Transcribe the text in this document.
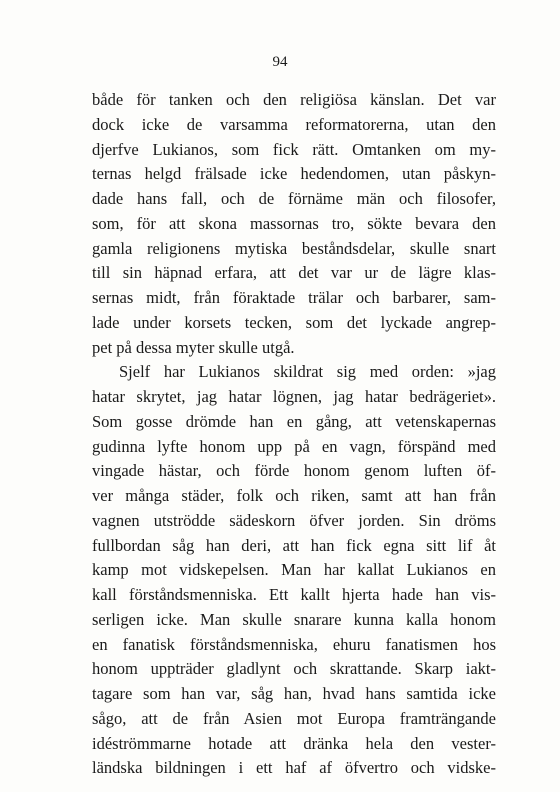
94
både för tanken och den religiösa känslan. Det var
dock icke de varsamma reformatorerna, utan den
djerfve Lukianos, som fick rätt. Omtanken om my-
ternas helgd frälsade icke hedendomen, utan påskyn-
dade hans fall, och de förnäme män och filosofer,
som, för att skona massornas tro, sökte bevara den
gamla religionens mytiska beståndsdelar, skulle snart
till sin häpnad erfara, att det var ur de lägre klas-
sernas midt, från föraktade trälar och barbarer, sam-
lade under korsets tecken, som det lyckade angrep-
pet på dessa myter skulle utgå.
Sjelf har Lukianos skildrat sig med orden: »jag
hatar skrytet, jag hatar lögnen, jag hatar bedrägeriet».
Som gosse drömde han en gång, att vetenskapernas
gudinna lyfte honom upp på en vagn, förspänd med
vingade hästar, och förde honom genom luften öf-
ver många städer, folk och riken, samt att han från
vagnen utströdde sädeskorn öfver jorden. Sin dröms
fullbordan såg han deri, att han fick egna sitt lif åt
kamp mot vidskepelsen. Man har kallat Lukianos en
kall förståndsmenniska. Ett kallt hjerta hade han vis-
serligen icke. Man skulle snarare kunna kalla honom
en fanatisk förståndsmenniska, ehuru fanatismen hos
honom uppträder gladlynt och skrattande. Skarp iakt-
tagare som han var, såg han, hvad hans samtida icke
sågo, att de från Asien mot Europa framträngande
idéströmmarne hotade att dränka hela den vester-
ländska bildningen i ett haf af öfvertro och vidske-
